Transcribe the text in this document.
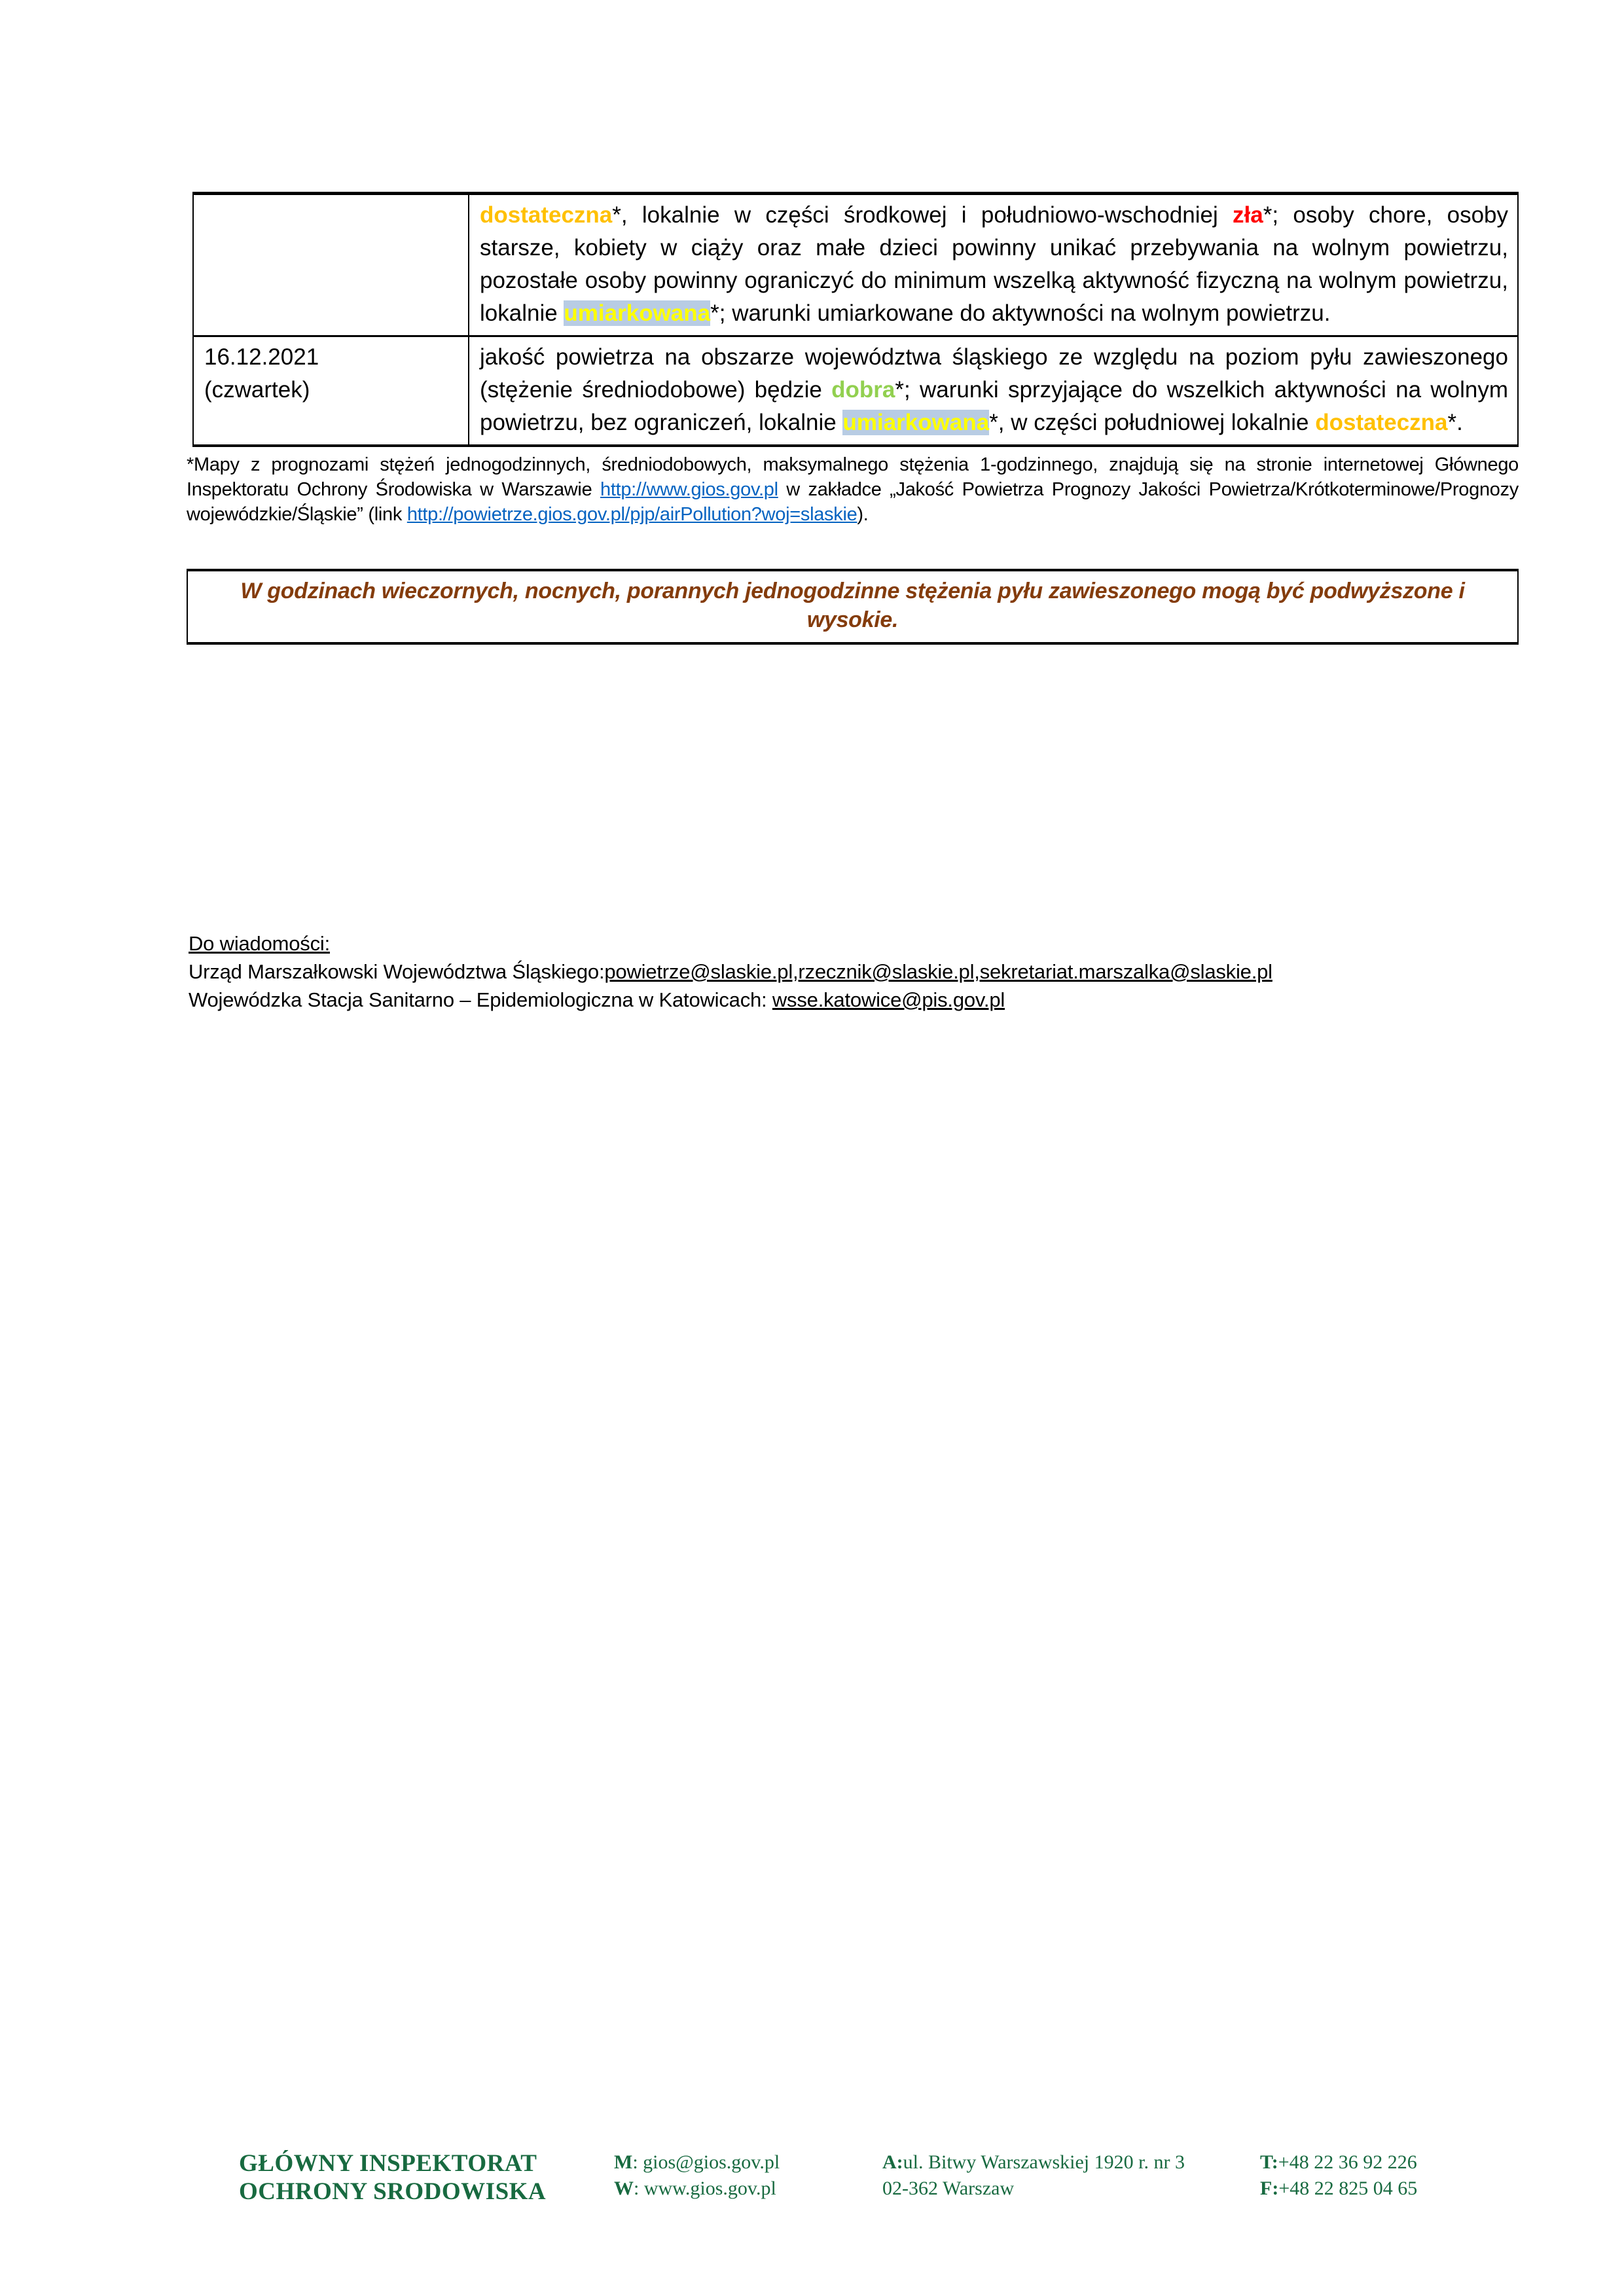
	dostateczna*, lokalnie w części środkowej i południowo-wschodniej zła*; osoby chore, osoby starsze, kobiety w ciąży oraz małe dzieci powinny unikać przebywania na wolnym powietrzu, pozostałe osoby powinny ograniczyć do minimum wszelką aktywność fizyczną na wolnym powietrzu, lokalnie umiarkowana*; warunki umiarkowane do aktywności na wolnym powietrzu.

16.12.2021
(czwartek)	jakość powietrza na obszarze województwa śląskiego ze względu na poziom pyłu zawieszonego (stężenie średniodobowe) będzie dobra*; warunki sprzyjające do wszelkich aktywności na wolnym powietrzu, bez ograniczeń, lokalnie umiarkowana*, w części południowej lokalnie dostateczna*.

*Mapy z prognozami stężeń jednogodzinnych, średniodobowych, maksymalnego stężenia 1-godzinnego, znajdują się na stronie internetowej Głównego Inspektoratu Ochrony Środowiska w Warszawie http://www.gios.gov.pl w zakładce „Jakość Powietrza Prognozy Jakości Powietrza/Krótkoterminowe/Prognozy wojewódzkie/Śląskie” (link http://powietrze.gios.gov.pl/pjp/airPollution?woj=slaskie).

W godzinach wieczornych, nocnych, porannych jednogodzinne stężenia pyłu zawieszonego mogą być podwyższone i wysokie.
Do wiadomości:
Urząd Marszałkowski Województwa Śląskiego:powietrze@slaskie.pl,rzecznik@slaskie.pl,sekretariat.marszalka@slaskie.pl
Wojewódzka Stacja Sanitarno – Epidemiologiczna w Katowicach: wsse.katowice@pis.gov.pl
GŁÓWNY INSPEKTORAT
OCHRONY SRODOWISKA
M: gios@gios.gov.pl
W: www.gios.gov.pl
A:ul. Bitwy Warszawskiej 1920 r. nr 3
02-362 Warszaw
T:+48 22 36 92 226
F:+48 22 825 04 65
